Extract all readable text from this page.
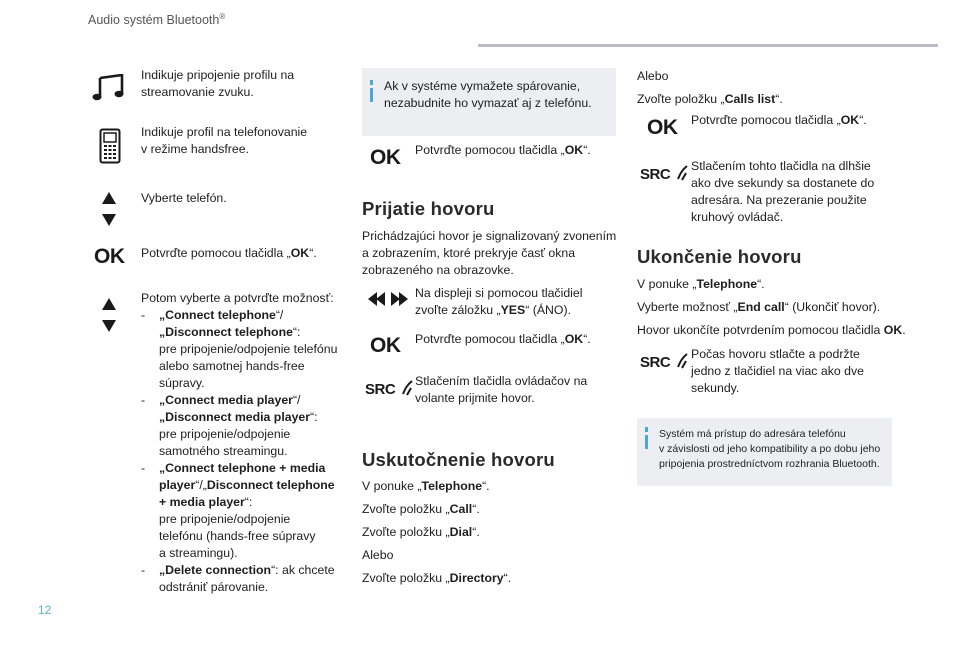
Audio systém Bluetooth®
12
Indikuje pripojenie profilu na
streamovanie zvuku.
Indikuje profil na telefonovanie
v režime handsfree.
Vyberte telefón.
OK Potvrďte pomocou tlačidla „OK“.
Potom vyberte a potvrďte možnosť:
- „Connect telephone“/
„Disconnect telephone“:
pre pripojenie/odpojenie telefónu
alebo samotnej hands-free
súpravy.
- „Connect media player“/
„Disconnect media player“:
pre pripojenie/odpojenie
samotného streamingu.
- „Connect telephone + media
player“/„Disconnect telephone
+ media player“:
pre pripojenie/odpojenie
telefónu (hands-free súpravy
a streamingu).
- „Delete connection“: ak chcete
odstrániť párovanie.
Ak v systéme vymažete spárovanie,
nezabudnite ho vymazať aj z telefónu.
OK Potvrďte pomocou tlačidla „OK“.
Prijatie hovoru
Prichádzajúci hovor je signalizovaný zvonením
a zobrazením, ktoré prekryje časť okna
zobrazeného na obrazovke.
Na displeji si pomocou tlačidiel
zvoľte záložku „YES“ (ÁNO).
OK Potvrďte pomocou tlačidla „OK“.
SRC	Stlačením tlačidla ovládačov na
volante prijmite hovor.
Uskutočnenie hovoru
V ponuke „Telephone“.
Zvoľte položku „Call“.
Zvoľte položku „Dial“.
Alebo
Zvoľte položku „Directory“.
Alebo
Zvoľte položku „Calls list“.
OK Potvrďte pomocou tlačidla „OK“.
SRC	Stlačením tohto tlačidla na dlhšie
ako dve sekundy sa dostanete do
adresára. Na prezeranie použite
kruhový ovládač.
Ukončenie hovoru
V ponuke „Telephone“.
Vyberte možnosť „End call“ (Ukončiť hovor).
Hovor ukončíte potvrdením pomocou tlačidla OK.
SRC	Počas hovoru stlačte a podržte
jedno z tlačidiel na viac ako dve
sekundy.
Systém má prístup do adresára telefónu
v závislosti od jeho kompatibility a po dobu jeho
pripojenia prostredníctvom rozhrania Bluetooth.
